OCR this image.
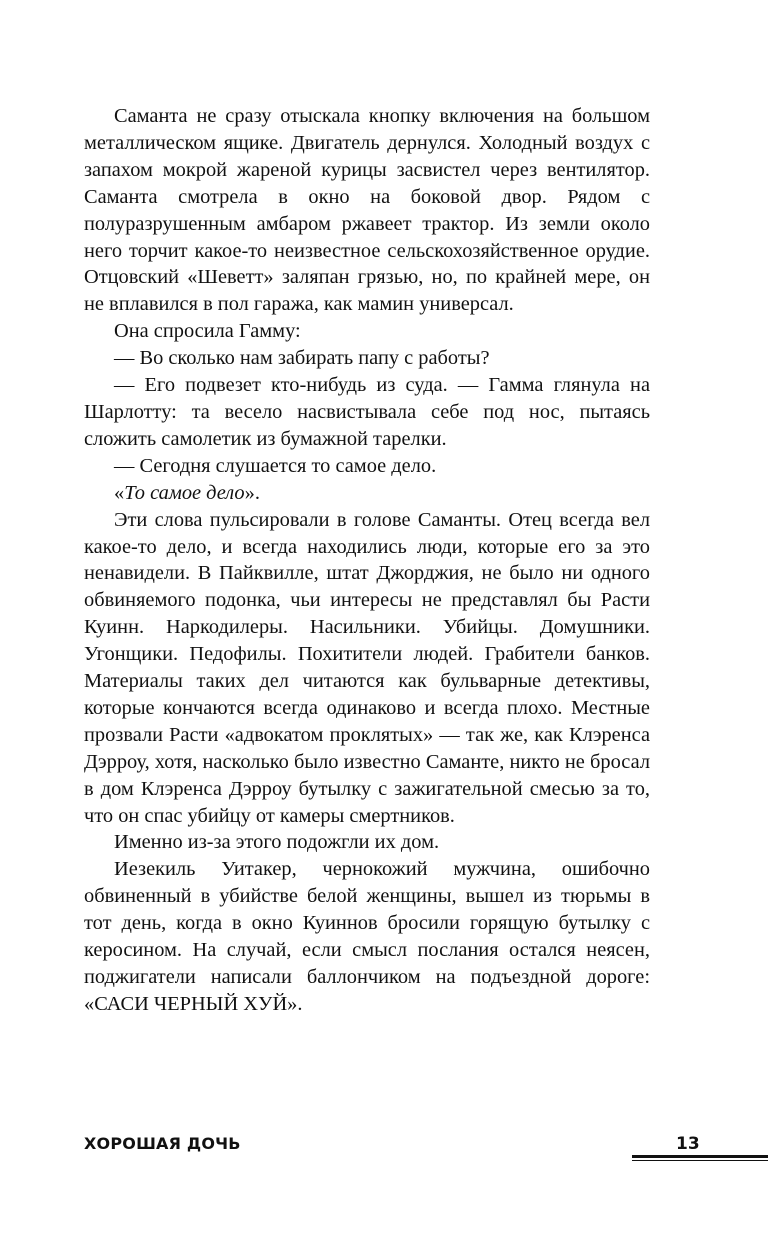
Саманта не сразу отыскала кнопку включения на большом металлическом ящике. Двигатель дернулся. Холодный воздух с запахом мокрой жареной курицы засвистел через вентилятор. Саманта смотрела в окно на боковой двор. Рядом с полуразрушенным амбаром ржавеет трактор. Из земли около него торчит какое-то неизвестное сельскохозяйственное орудие. Отцовский «Шеветт» заляпан грязью, но, по крайней мере, он не вплавился в пол гаража, как мамин универсал.

Она спросила Гамму:

— Во сколько нам забирать папу с работы?

— Его подвезет кто-нибудь из суда. — Гамма глянула на Шарлотту: та весело насвистывала себе под нос, пытаясь сложить самолетик из бумажной тарелки.

— Сегодня слушается то самое дело.

«То самое дело».

Эти слова пульсировали в голове Саманты. Отец всегда вел какое-то дело, и всегда находились люди, которые его за это ненавидели. В Пайквилле, штат Джорджия, не было ни одного обвиняемого подонка, чьи интересы не представлял бы Расти Куинн. Наркодилеры. Насильники. Убийцы. Домушники. Угонщики. Педофилы. Похитители людей. Грабители банков. Материалы таких дел читаются как бульварные детективы, которые кончаются всегда одинаково и всегда плохо. Местные прозвали Расти «адвокатом проклятых» — так же, как Клэренса Дэрроу, хотя, насколько было известно Саманте, никто не бросал в дом Клэренса Дэрроу бутылку с зажигательной смесью за то, что он спас убийцу от камеры смертников.

Именно из-за этого подожгли их дом.

Иезекиль Уитакер, чернокожий мужчина, ошибочно обвиненный в убийстве белой женщины, вышел из тюрьмы в тот день, когда в окно Куиннов бросили горящую бутылку с керосином. На случай, если смысл послания остался неясен, поджигатели написали баллончиком на подъездной дороге: «САСИ ЧЕРНЫЙ ХУЙ».

ХОРОШАЯ ДОЧЬ	13
